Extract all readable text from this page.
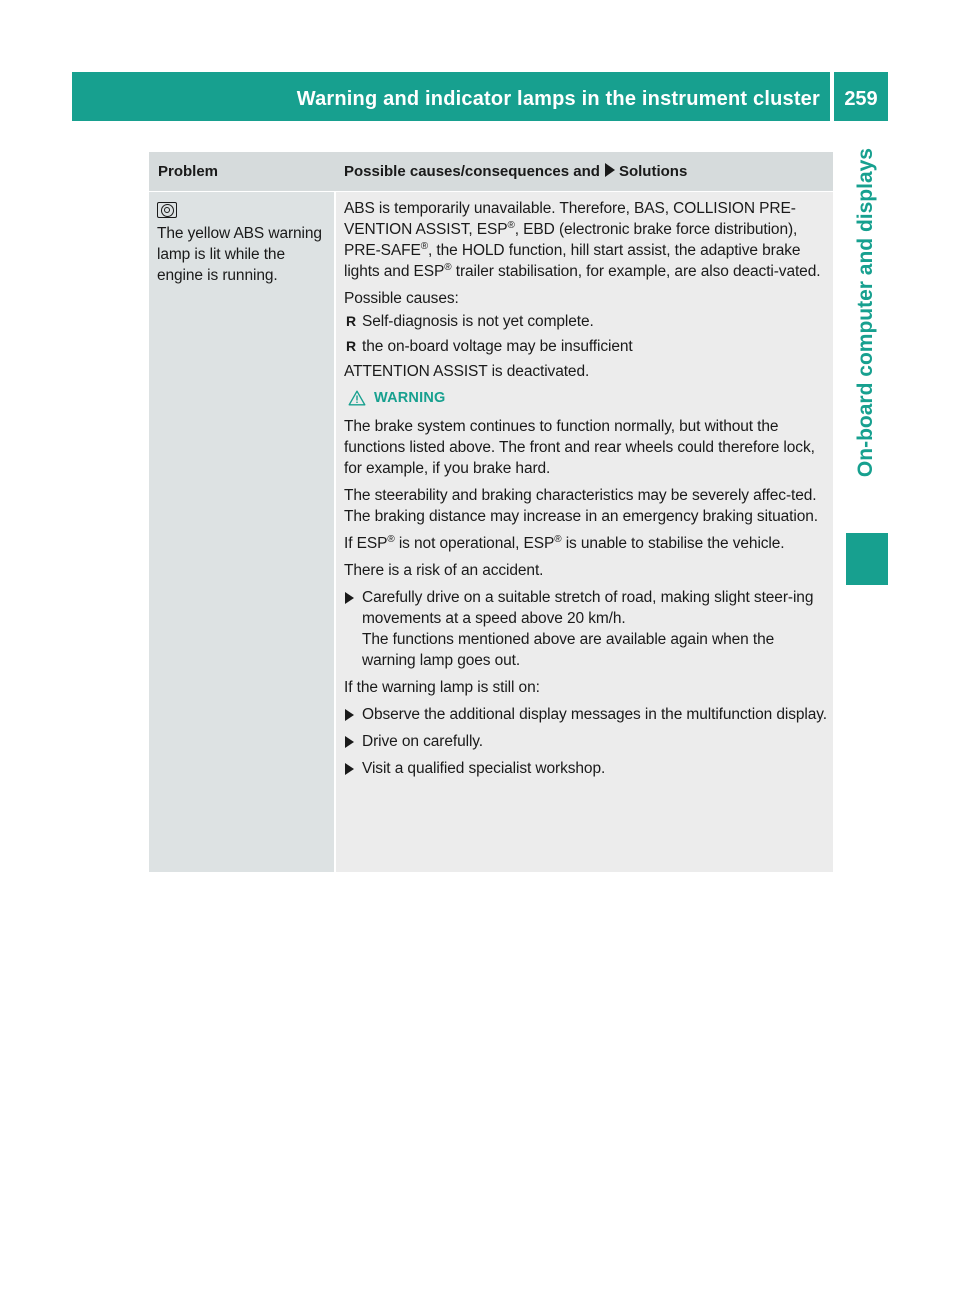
Warning and indicator lamps in the instrument cluster	259
On-board computer and displays
Problem	Possible causes/consequences and Solutions
The yellow ABS warning lamp is lit while the engine is running.

ABS is temporarily unavailable. Therefore, BAS, COLLISION PRE-VENTION ASSIST, ESP®, EBD (electronic brake force distribution), PRE-SAFE®, the HOLD function, hill start assist, the adaptive brake lights and ESP® trailer stabilisation, for example, are also deacti-vated.

Possible causes:

R Self-diagnosis is not yet complete.
R the on-board voltage may be insufficient

ATTENTION ASSIST is deactivated.

WARNING

The brake system continues to function normally, but without the functions listed above. The front and rear wheels could therefore lock, for example, if you brake hard.

The steerability and braking characteristics may be severely affec-ted. The braking distance may increase in an emergency braking situation.

If ESP® is not operational, ESP® is unable to stabilise the vehicle.

There is a risk of an accident.

Carefully drive on a suitable stretch of road, making slight steer-ing movements at a speed above 20 km/h.
The functions mentioned above are available again when the warning lamp goes out.

If the warning lamp is still on:

Observe the additional display messages in the multifunction display.
Drive on carefully.
Visit a qualified specialist workshop.
